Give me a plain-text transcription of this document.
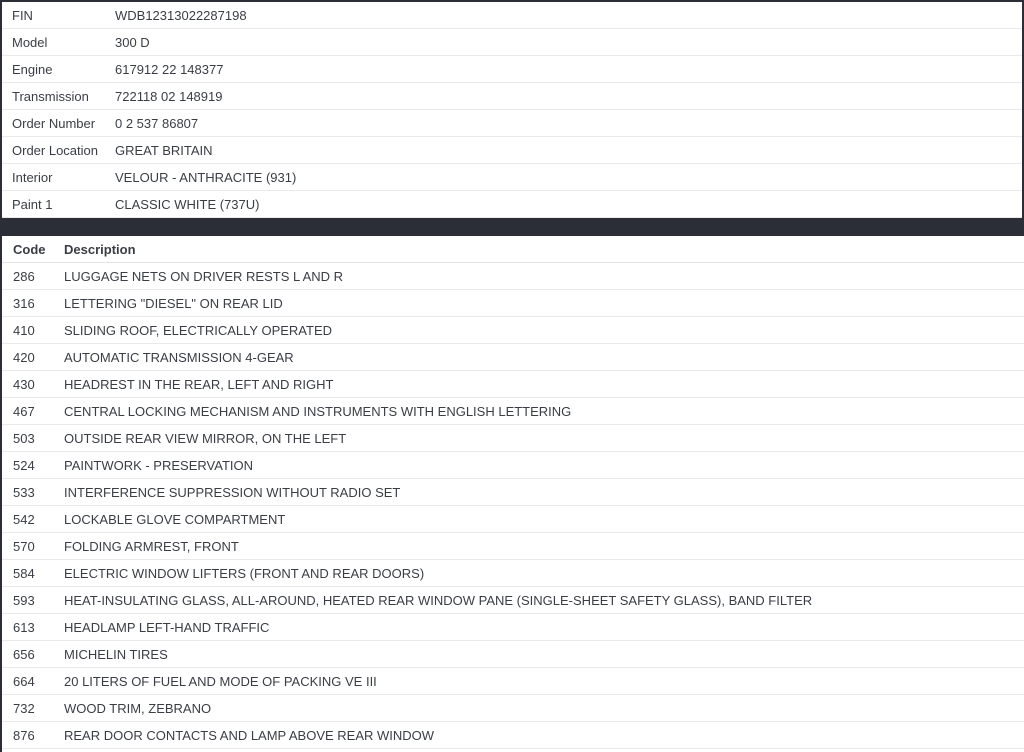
FIN	WDB12313022287198
Model	300 D
Engine	617912 22 148377
Transmission	722118 02 148919
Order Number	0 2 537 86807
Order Location	GREAT BRITAIN
Interior	VELOUR - ANTHRACITE (931)
Paint 1	CLASSIC WHITE (737U)
Code	Description
286	LUGGAGE NETS ON DRIVER RESTS L AND R
316	LETTERING "DIESEL" ON REAR LID
410	SLIDING ROOF, ELECTRICALLY OPERATED
420	AUTOMATIC TRANSMISSION 4-GEAR
430	HEADREST IN THE REAR, LEFT AND RIGHT
467	CENTRAL LOCKING MECHANISM AND INSTRUMENTS WITH ENGLISH LETTERING
503	OUTSIDE REAR VIEW MIRROR, ON THE LEFT
524	PAINTWORK - PRESERVATION
533	INTERFERENCE SUPPRESSION WITHOUT RADIO SET
542	LOCKABLE GLOVE COMPARTMENT
570	FOLDING ARMREST, FRONT
584	ELECTRIC WINDOW LIFTERS (FRONT AND REAR DOORS)
593	HEAT-INSULATING GLASS, ALL-AROUND, HEATED REAR WINDOW PANE (SINGLE-SHEET SAFETY GLASS), BAND FILTER
613	HEADLAMP LEFT-HAND TRAFFIC
656	MICHELIN TIRES
664	20 LITERS OF FUEL AND MODE OF PACKING VE III
732	WOOD TRIM, ZEBRANO
876	REAR DOOR CONTACTS AND LAMP ABOVE REAR WINDOW
